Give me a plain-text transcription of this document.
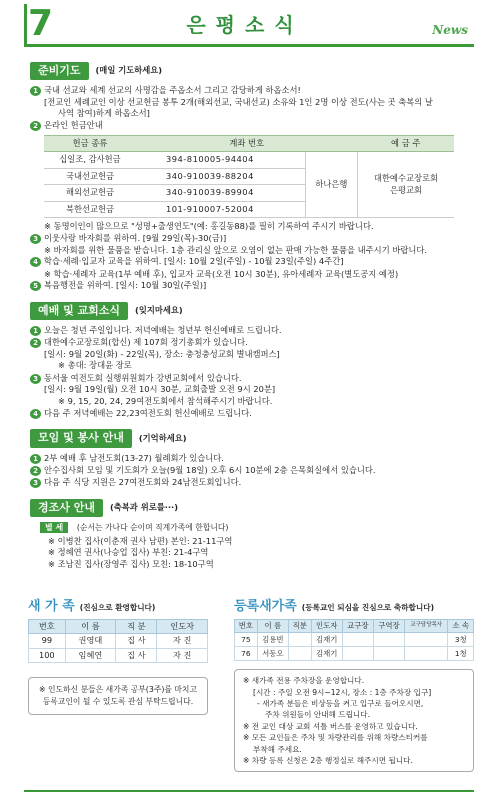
7	은평소식	News
준비기도	(매일 기도하세요)
1 국내 선교와 세계 선교의 사명감을 주옵소서 그리고 감당하게 하옵소서!
[전교인 세례교인 이상 선교헌금 봉투 2개(해외선교, 국내선교) 소유와 1인 2명 이상 전도(사는 곳 축복의 날
사역 참여)하게 하옵소서]
2 온라인 헌금안내
헌금 종류	계좌 번호		예 금 주
십일조, 감사헌금	394-810005-94404	하나은행	대한예수교장로회
은평교회

국내선교헌금	340-910039-88204		
해외선교헌금	340-910039-89904		
북한선교헌금	101-910007-52004		
※ 동명이인이 많으므로 "성명+출생연도"(예: 홍길동88)를 필히 기록하여 주시기 바랍니다.
3 이웃사랑 바자회를 위하여. [9월 29일(목)-30(금)]
※ 바자회를 위한 물품을 받습니다. 1층 관리실 앞으로 오염이 없는 판매 가능한 물품을 내주시기 바랍니다.
4 학습·세례·입교자 교육을 위하여. [일시: 10월 2일(주일) - 10월 23일(주일) 4주간]
※ 학습·세례자 교육(1부 예배 후), 입교자 교육(오전 10시 30분), 유아세례자 교육(별도공지 예정)
5 복음행전을 위하여. [일시: 10월 30일(주일)]
예배 및 교회소식	(잊지마세요)
1 오늘은 청년 주일입니다. 저녁예배는 청년부 헌신예배로 드립니다.
2 대한예수교장로회(합신) 제 107회 정기총회가 있습니다.
[일시: 9월 20일(화) - 22일(목), 장소: 충청충성교회 별내캠퍼스]
※ 총대: 장대윤 장로
3 동서울 여전도회 실행위원회가 강변교회에서 있습니다.
[일시: 9월 19일(월) 오전 10시 30분, 교회출발 오전 9시 20분]
※ 9, 15, 20, 24, 29여전도회에서 참석해주시기 바랍니다.
4 다음 주 저녁예배는 22,23여전도회 헌신예배로 드립니다.
모임 및 봉사 안내	(기억하세요)
1 2부 예배 후 남전도회(13-27) 월례회가 있습니다.
2 안수집사회 모임 및 기도회가 오늘(9월 18일) 오후 6시 10분에 2층 은목회실에서 있습니다.
3 다음 주 식당 지원은 27여전도회와 24남전도회입니다.
경조사 안내	(축복과 위로를···)
별 세 (순서는 가나다 순이며 직계가족에 한합니다)
※ 이병찬 집사(이춘재 권사 남편) 본인: 21-11구역
※ 정혜연 권사(나승업 집사) 부친: 21-4구역
※ 조남진 집사(장영주 집사) 모친: 18-10구역
새 가 족 (진심으로 환영합니다)
번호	이 름	직 분	인도자
99	권영대	집 사	자 진
100	임혜연	집 사	자 진
※ 인도하신 분들은 새가족 공부(3주)를 마치고
등록교인이 될 수 있도록 관심 부탁드립니다.
등록새가족 (등록교인 되심을 진심으로 축하합니다)
번호	이 름	직분	인도자	교구장	구역장	교구담당목사	소 속
75	김용빈		김재기				3청
76	서동오		김재기				1청
※ 새가족 전용 주차장을 운영합니다.
[시간 : 주일 오전 9시~12시, 장소 : 1층 주차장 입구]
- 새가족 분들은 비상등을 켜고 입구로 들어오시면,
주차 위원들이 안내해 드립니다.
※ 전 교인 대상 교회 셔틀 버스를 운영하고 있습니다.
※ 모든 교인들은 주차 및 차량관리를 위해 차량스티커를
부착해 주세요.
※ 차량 등록 신청은 2층 행정실로 해주시면 됩니다.
